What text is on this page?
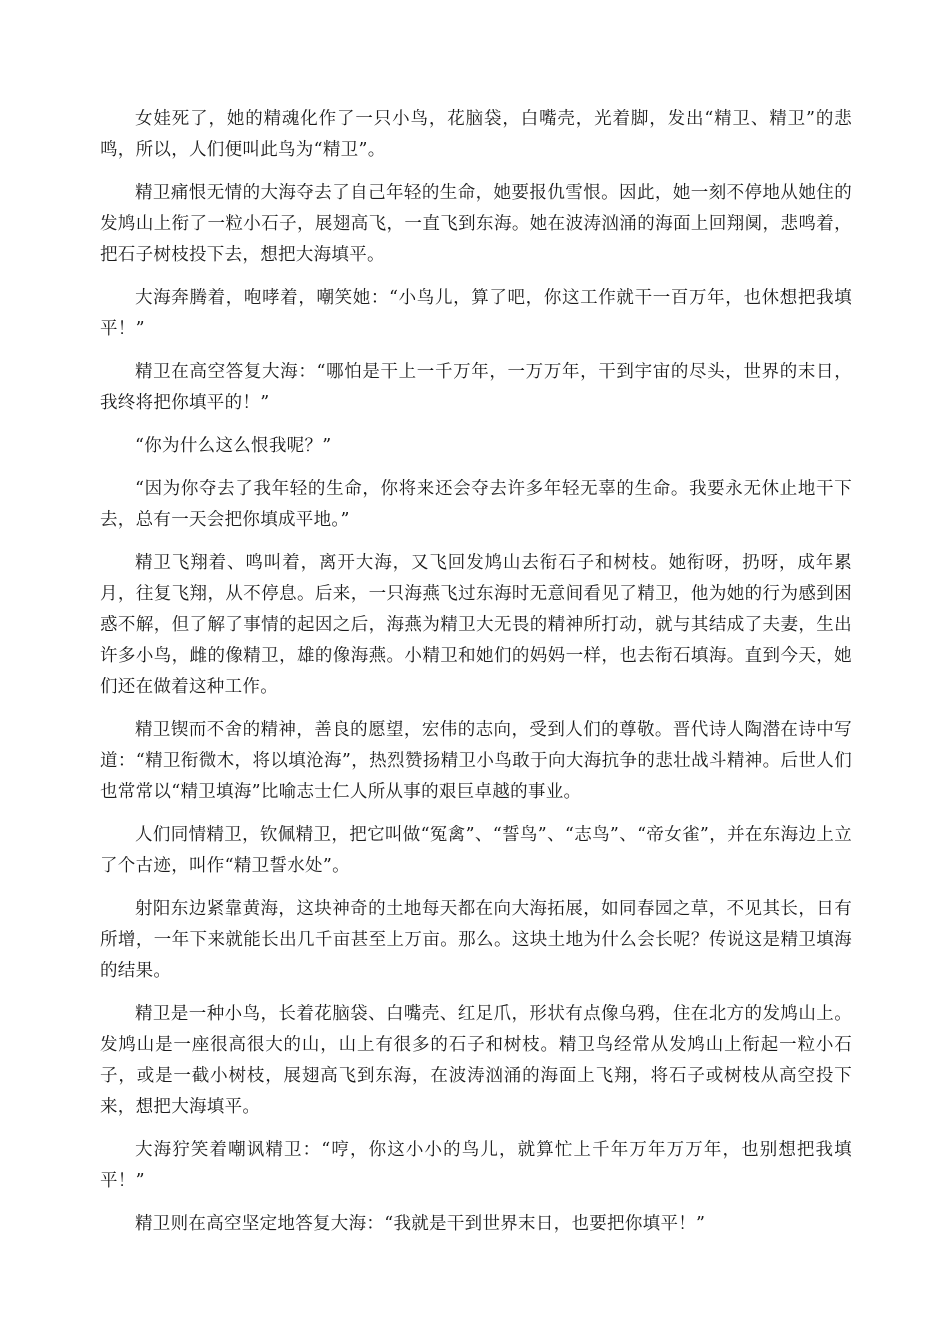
女娃死了，她的精魂化作了一只小鸟，花脑袋，白嘴壳，光着脚，发出“精卫、精卫”的悲鸣，所以，人们便叫此鸟为“精卫”。

精卫痛恨无情的大海夺去了自己年轻的生命，她要报仇雪恨。因此，她一刻不停地从她住的发鸠山上衔了一粒小石子，展翅高飞，一直飞到东海。她在波涛汹涌的海面上回翔阒，悲鸣着，把石子树枝投下去，想把大海填平。

大海奔腾着，咆哮着，嘲笑她：“小鸟儿，算了吧，你这工作就干一百万年，也休想把我填平！”

精卫在高空答复大海：“哪怕是干上一千万年，一万万年，干到宇宙的尽头，世界的末日，我终将把你填平的！”

“你为什么这么恨我呢？”

“因为你夺去了我年轻的生命，你将来还会夺去许多年轻无辜的生命。我要永无休止地干下去，总有一天会把你填成平地。”

精卫飞翔着、鸣叫着，离开大海，又飞回发鸠山去衔石子和树枝。她衔呀，扔呀，成年累月，往复飞翔，从不停息。后来，一只海燕飞过东海时无意间看见了精卫，他为她的行为感到困惑不解，但了解了事情的起因之后，海燕为精卫大无畏的精神所打动，就与其结成了夫妻，生出许多小鸟，雌的像精卫，雄的像海燕。小精卫和她们的妈妈一样，也去衔石填海。直到今天，她们还在做着这种工作。

精卫锲而不舍的精神，善良的愿望，宏伟的志向，受到人们的尊敬。晋代诗人陶潜在诗中写道：“精卫衔微木，将以填沧海”，热烈赞扬精卫小鸟敢于向大海抗争的悲壮战斗精神。后世人们也常常以“精卫填海”比喻志士仁人所从事的艰巨卓越的事业。

人们同情精卫，钦佩精卫，把它叫做“冤禽”、“誓鸟”、“志鸟”、“帝女雀”，并在东海边上立了个古迹，叫作“精卫誓水处”。

射阳东边紧靠黄海，这块神奇的土地每天都在向大海拓展，如同春园之草，不见其长，日有所增，一年下来就能长出几千亩甚至上万亩。那么。这块土地为什么会长呢？传说这是精卫填海的结果。

精卫是一种小鸟，长着花脑袋、白嘴壳、红足爪，形状有点像乌鸦，住在北方的发鸠山上。发鸠山是一座很高很大的山，山上有很多的石子和树枝。精卫鸟经常从发鸠山上衔起一粒小石子，或是一截小树枝，展翅高飞到东海，在波涛汹涌的海面上飞翔，将石子或树枝从高空投下来，想把大海填平。

大海狞笑着嘲讽精卫：“哼，你这小小的鸟儿，就算忙上千年万年万万年，也别想把我填平！”

精卫则在高空坚定地答复大海：“我就是干到世界末日，也要把你填平！”
